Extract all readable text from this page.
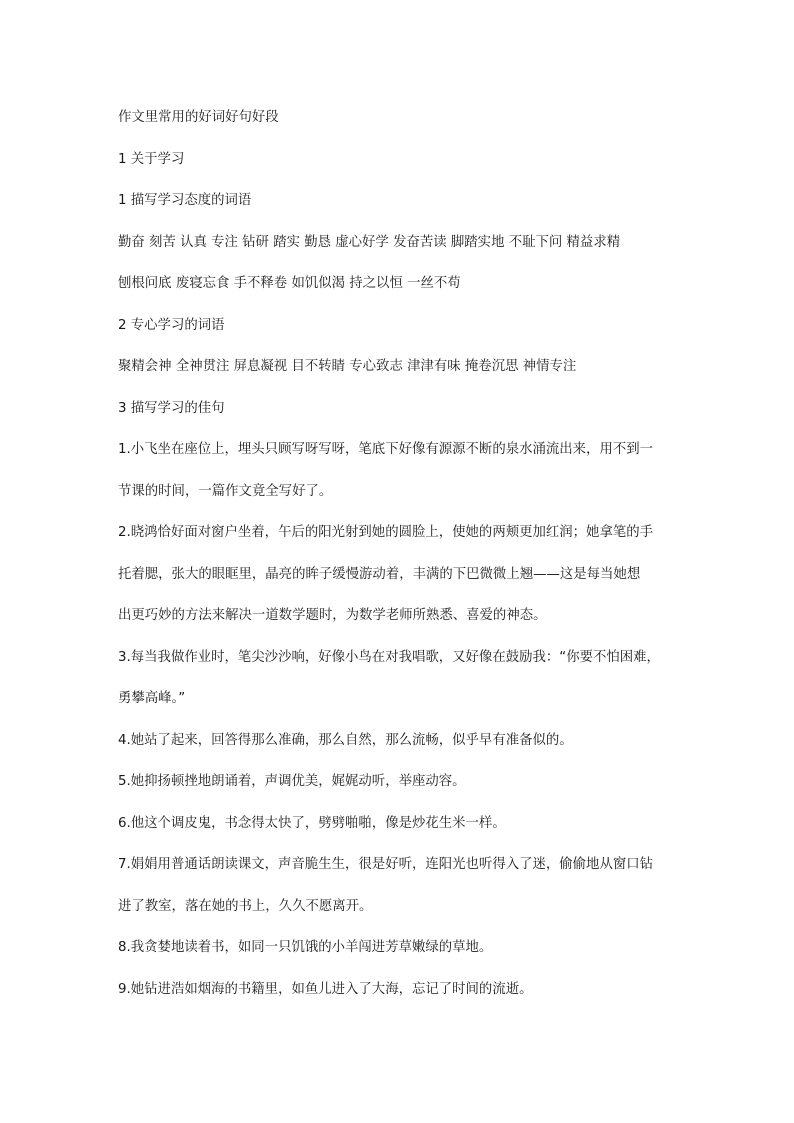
作文里常用的好词好句好段
1 关于学习
1 描写学习态度的词语
勤奋 刻苦 认真 专注 钻研 踏实 勤恳 虚心好学 发奋苦读 脚踏实地 不耻下问 精益求精
刨根问底 废寝忘食 手不释卷 如饥似渴 持之以恒 一丝不苟
2 专心学习的词语
聚精会神 全神贯注 屏息凝视 目不转睛 专心致志 津津有味 掩卷沉思 神情专注
3 描写学习的佳句
1.小飞坐在座位上，埋头只顾写呀写呀，笔底下好像有源源不断的泉水涌流出来，用不到一
节课的时间，一篇作文竟全写好了。
2.晓鸿恰好面对窗户坐着，午后的阳光射到她的圆脸上，使她的两颊更加红润；她拿笔的手
托着腮，张大的眼眶里，晶亮的眸子缓慢游动着，丰满的下巴微微上翘——这是每当她想
出更巧妙的方法来解决一道数学题时，为数学老师所熟悉、喜爱的神态。
3.每当我做作业时，笔尖沙沙响，好像小鸟在对我唱歌，又好像在鼓励我：“你要不怕困难，
勇攀高峰。”
4.她站了起来，回答得那么准确，那么自然，那么流畅，似乎早有准备似的。
5.她抑扬顿挫地朗诵着，声调优美，娓娓动听，举座动容。
6.他这个调皮鬼，书念得太快了，劈劈啪啪，像是炒花生米一样。
7.娟娟用普通话朗读课文，声音脆生生，很是好听，连阳光也听得入了迷，偷偷地从窗口钻
进了教室，落在她的书上，久久不愿离开。
8.我贪婪地读着书，如同一只饥饿的小羊闯进芳草嫩绿的草地。
9.她钻进浩如烟海的书籍里，如鱼儿进入了大海，忘记了时间的流逝。
